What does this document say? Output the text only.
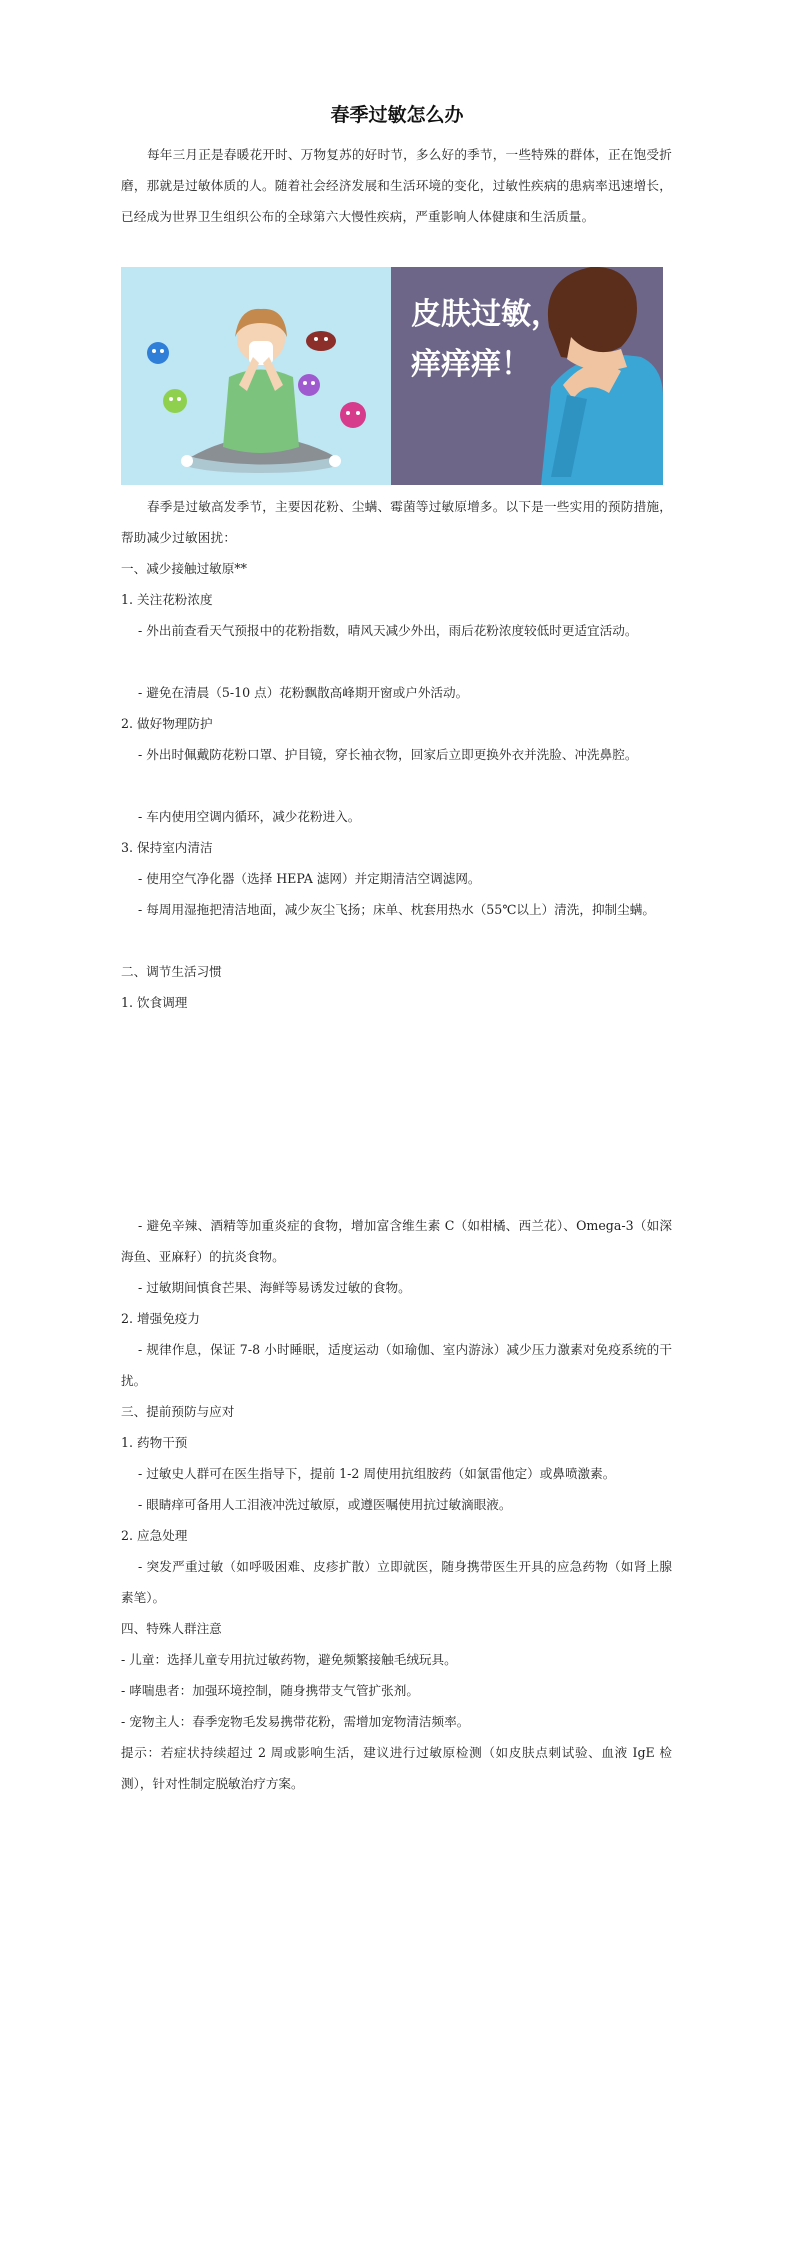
春季过敏怎么办
每年三月正是春暖花开时、万物复苏的好时节，多么好的季节，一些特殊的群体，正在饱受折磨，那就是过敏体质的人。随着社会经济发展和生活环境的变化，过敏性疾病的患病率迅速增长，已经成为世界卫生组织公布的全球第六大慢性疾病，严重影响人体健康和生活质量。
皮肤过敏，
痒痒痒！
春季是过敏高发季节，主要因花粉、尘螨、霉菌等过敏原增多。以下是一些实用的预防措施，帮助减少过敏困扰：
一、减少接触过敏原**
1. 关注花粉浓度
- 外出前查看天气预报中的花粉指数，晴风天减少外出，雨后花粉浓度较低时更适宜活动。
- 避免在清晨（5-10 点）花粉飘散高峰期开窗或户外活动。
2. 做好物理防护
- 外出时佩戴防花粉口罩、护目镜，穿长袖衣物，回家后立即更换外衣并洗脸、冲洗鼻腔。
- 车内使用空调内循环，减少花粉进入。
3. 保持室内清洁
- 使用空气净化器（选择 HEPA 滤网）并定期清洁空调滤网。
- 每周用湿拖把清洁地面，减少灰尘飞扬；床单、枕套用热水（55℃以上）清洗，抑制尘螨。
二、调节生活习惯
1. 饮食调理
- 避免辛辣、酒精等加重炎症的食物，增加富含维生素 C（如柑橘、西兰花）、Omega-3（如深海鱼、亚麻籽）的抗炎食物。
- 过敏期间慎食芒果、海鲜等易诱发过敏的食物。
2. 增强免疫力
- 规律作息，保证 7-8 小时睡眠，适度运动（如瑜伽、室内游泳）减少压力激素对免疫系统的干扰。
三、提前预防与应对
1. 药物干预
- 过敏史人群可在医生指导下，提前 1-2 周使用抗组胺药（如氯雷他定）或鼻喷激素。
- 眼睛痒可备用人工泪液冲洗过敏原，或遵医嘱使用抗过敏滴眼液。
2. 应急处理
- 突发严重过敏（如呼吸困难、皮疹扩散）立即就医，随身携带医生开具的应急药物（如肾上腺素笔）。
四、特殊人群注意
- 儿童：选择儿童专用抗过敏药物，避免频繁接触毛绒玩具。
- 哮喘患者：加强环境控制，随身携带支气管扩张剂。
- 宠物主人：春季宠物毛发易携带花粉，需增加宠物清洁频率。
提示：若症状持续超过 2 周或影响生活，建议进行过敏原检测（如皮肤点刺试验、血液 IgE 检测），针对性制定脱敏治疗方案。
